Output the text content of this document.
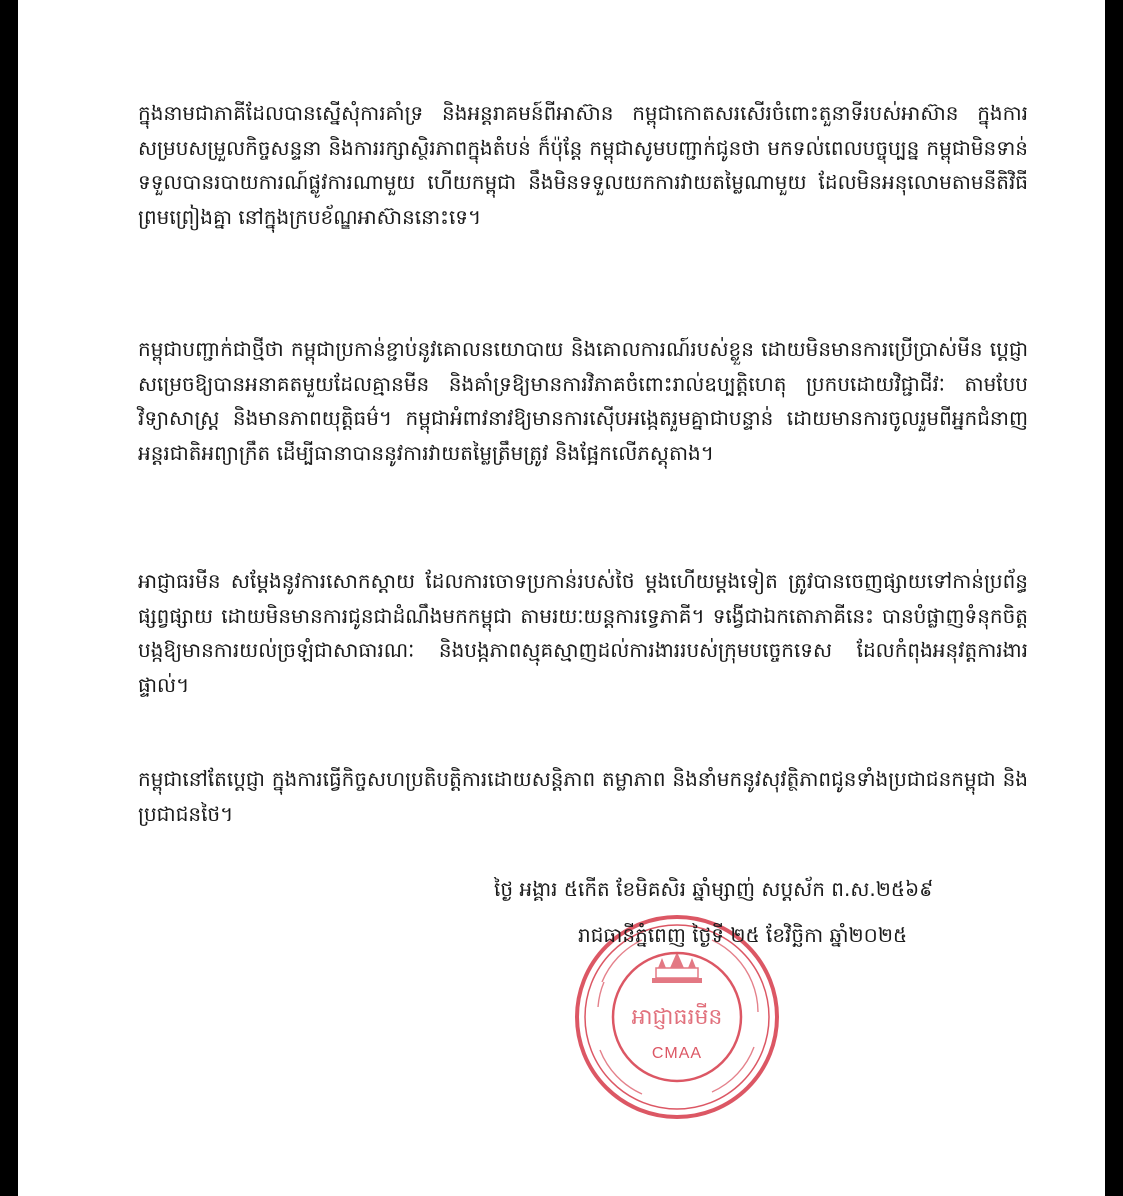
ក្នុងនាមជាភាគីដែលបានស្នើសុំការគាំទ្រ និងអន្តរាគមន៍ពីអាស៊ាន កម្ពុជាកោតសរសើរចំពោះតួនាទីរបស់អាស៊ាន ក្នុងការសម្របសម្រួលកិច្ចសន្ទនា និងការរក្សាស្ថិរភាពក្នុងតំបន់ ក៏ប៉ុន្តែ កម្ពុជាសូមបញ្ជាក់ជូនថា មកទល់ពេលបច្ចុប្បន្ន កម្ពុជាមិនទាន់ទទួលបានរបាយការណ៍ផ្លូវការណាមួយ ហើយកម្ពុជា នឹងមិនទទួលយកការវាយតម្លៃណាមួយ ដែលមិនអនុលោមតាមនីតិវិធីព្រមព្រៀងគ្នា នៅក្នុងក្របខ័ណ្ឌអាស៊ាននោះទេ។

កម្ពុជាបញ្ជាក់ជាថ្មីថា កម្ពុជាប្រកាន់ខ្ជាប់នូវគោលនយោបាយ និងគោលការណ៍របស់ខ្លួន ដោយមិនមានការប្រើប្រាស់មីន ប្តេជ្ញាសម្រេចឱ្យបានអនាគតមួយដែលគ្មានមីន និងគាំទ្រឱ្យមានការវិភាគចំពោះរាល់ឧប្បត្តិហេតុ ប្រកបដោយវិជ្ជាជីវៈ តាមបែបវិទ្យាសាស្ត្រ និងមានភាពយុត្តិធម៌។ កម្ពុជាអំពាវនាវឱ្យមានការស៊ើបអង្កេតរួមគ្នាជាបន្ទាន់ ដោយមានការចូលរួមពីអ្នកជំនាញអន្តរជាតិអព្យាក្រឹត ដើម្បីធានាបាននូវការវាយតម្លៃត្រឹមត្រូវ និងផ្អែកលើភស្តុតាង។

អាជ្ញាធរមីន សម្តែងនូវការសោកស្តាយ ដែលការចោទប្រកាន់របស់ថៃ ម្តងហើយម្តងទៀត ត្រូវបានចេញផ្សាយទៅកាន់ប្រព័ន្ធផ្សព្វផ្សាយ ដោយមិនមានការជូនជាដំណឹងមកកម្ពុជា តាមរយៈយន្តការទ្វេភាគី។ ទង្វើជាឯកតោភាគីនេះ បានបំផ្លាញទំនុកចិត្ត បង្កឱ្យមានការយល់ច្រឡំជាសាធារណៈ និងបង្កភាពស្មុគស្មាញដល់ការងាររបស់ក្រុមបច្ចេកទេស ដែលកំពុងអនុវត្តការងារផ្ទាល់។

កម្ពុជានៅតែប្តេជ្ញា ក្នុងការធ្វើកិច្ចសហប្រតិបត្តិការដោយសន្តិភាព តម្លាភាព និងនាំមកនូវសុវត្ថិភាពជូនទាំងប្រជាជនកម្ពុជា និងប្រជាជនថៃ។

អាជ្ញាធរមីន
CMAA

ថ្ងៃ អង្គារ ៥កើត ខែមិគសិរ ឆ្នាំម្សាញ់ សប្តស័ក ព.ស.២៥៦៩

រាជធានីភ្នំពេញ ថ្ងៃទី ២៥ ខែវិច្ឆិកា ឆ្នាំ២០២៥
